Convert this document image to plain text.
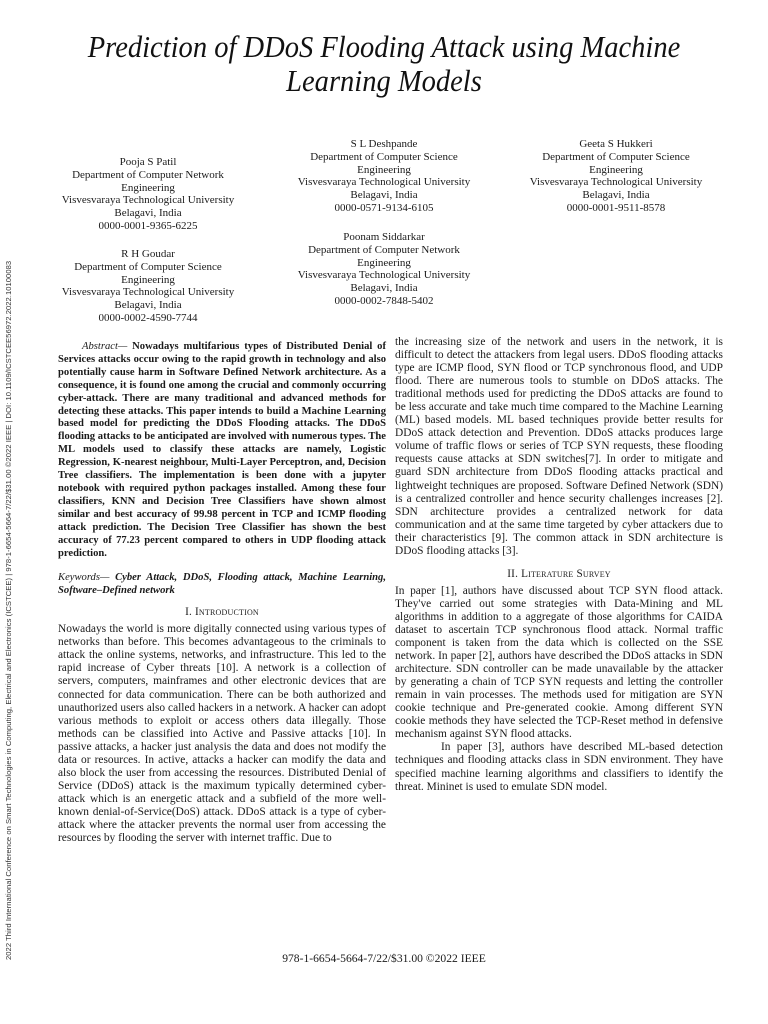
2022 Third International Conference on Smart Technologies in Computing, Electrical and Electronics (ICSTCEE) | 978-1-6654-5664-7/22/$31.00 ©2022 IEEE | DOI: 10.1109/ICSTCEE56972.2022.10100083
Prediction of DDoS Flooding Attack using Machine Learning Models
Pooja S Patil
Department of Computer Network
Engineering
Visvesvaraya Technological University
Belagavi, India
0000-0001-9365-6225
S L Deshpande
Department of Computer Science
Engineering
Visvesvaraya Technological University
Belagavi, India
0000-0571-9134-6105
Geeta S Hukkeri
Department of Computer Science
Engineering
Visvesvaraya Technological University
Belagavi, India
0000-0001-9511-8578
R H Goudar
Department of Computer Science
Engineering
Visvesvaraya Technological University
Belagavi, India
0000-0002-4590-7744
Poonam Siddarkar
Department of Computer Network
Engineering
Visvesvaraya Technological University
Belagavi, India
0000-0002-7848-5402

Abstract— Nowadays multifarious types of Distributed Denial of Services attacks occur owing to the rapid growth in technology and also potentially cause harm in Software Defined Network architecture. As a consequence, it is found one among the crucial and commonly occurring cyber-attack. There are many traditional and advanced methods for detecting these attacks. This paper intends to build a Machine Learning based model for predicting the DDoS Flooding attacks. The DDoS flooding attacks to be anticipated are involved with numerous types. The ML models used to classify these attacks are namely, Logistic Regression, K-nearest neighbour, Multi-Layer Perceptron, and, Decision Tree classifiers. The implementation is been done with a jupyter notebook with required python packages installed. Among these four classifiers, KNN and Decision Tree Classifiers have shown almost similar and best accuracy of 99.98 percent in TCP and ICMP flooding attack prediction. The Decision Tree Classifier has shown the best accuracy of 77.23 percent compared to others in UDP flooding attack prediction.

Keywords— Cyber Attack, DDoS, Flooding attack, Machine Learning, Software–Defined network

I. Introduction

Nowadays the world is more digitally connected using various types of networks than before. This becomes advantageous to the criminals to attack the online systems, networks, and infrastructure. This led to the rapid increase of Cyber threats [10]. A network is a collection of servers, computers, mainframes and other electronic devices that are connected for data communication. There can be both authorized and unauthorized users also called hackers in a network. A hacker can adopt various methods to exploit or access others data illegally. Those methods can be classified into Active and Passive attacks [10]. In passive attacks, a hacker just analysis the data and does not modify the data or resources. In active, attacks a hacker can modify the data and also block the user from accessing the resources. Distributed Denial of Service (DDoS) attack is the maximum typically determined cyber-attack which is an energetic attack and a subfield of the more well-known denial-of-Service(DoS) attack. DDoS attack is a type of cyber-attack where the attacker prevents the normal user from accessing the resources by flooding the server with internet traffic. Due to

the increasing size of the network and users in the network, it is difficult to detect the attackers from legal users. DDoS flooding attacks type are ICMP flood, SYN flood or TCP synchronous flood, and UDP flood. There are numerous tools to stumble on DDoS attacks. The traditional methods used for predicting the DDoS attacks are found to be less accurate and take much time compared to the Machine Learning (ML) based models. ML based techniques provide better results for DDoS attack detection and Prevention. DDoS attacks produces large volume of traffic flows or series of TCP SYN requests, these flooding requests cause attacks at SDN switches[7]. In order to mitigate and guard SDN architecture from DDoS flooding attacks practical and lightweight techniques are proposed. Software Defined Network (SDN) is a centralized controller and hence security challenges increases [2]. SDN architecture provides a centralized network for data communication and at the same time targeted by cyber attackers due to their characteristics [9]. The common attack in SDN architecture is DDoS flooding attacks [3].

II. Literature Survey

In paper [1], authors have discussed about TCP SYN flood attack. They've carried out some strategies with Data-Mining and ML algorithms in addition to a aggregate of those algorithms for CAIDA dataset to ascertain TCP synchronous flood attack. Normal traffic component is taken from the data which is collected on the SSE network. In paper [2], authors have described the DDoS attacks in SDN architecture. SDN controller can be made unavailable by the attacker by generating a chain of TCP SYN requests and letting the controller remain in vain processes. The methods used for mitigation are SYN cookie technique and Pre-generated cookie. Among different SYN cookie methods they have selected the TCP-Reset method in defensive mechanism against SYN flood attacks.

In paper [3], authors have described ML-based detection techniques and flooding attacks class in SDN environment. They have specified machine learning algorithms and classifiers to identify the threat. Mininet is used to emulate SDN model.

978-1-6654-5664-7/22/$31.00 ©2022 IEEE
